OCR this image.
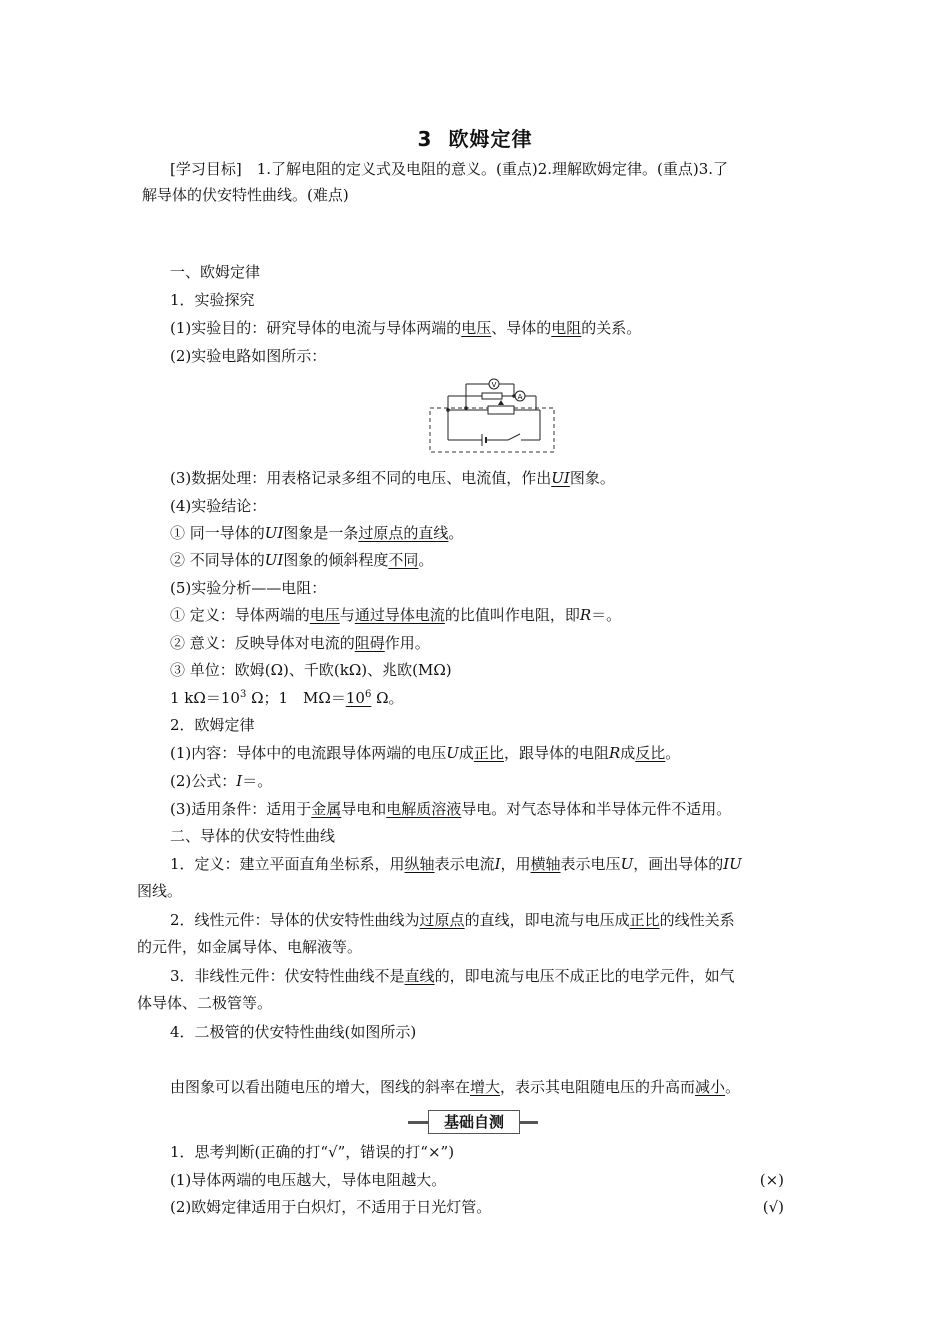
3 欧姆定律
[学习目标]　1.了解电阻的定义式及电阻的意义。(重点)2.理解欧姆定律。(重点)3.了
解导体的伏安特性曲线。(难点)
一、欧姆定律
1．实验探究
(1)实验目的：研究导体的电流与导体两端的电压、导体的电阻的关系。
(2)实验电路如图所示：
V
A
(3)数据处理：用表格记录多组不同的电压、电流值，作出UI图象。
(4)实验结论：
① 同一导体的UI图象是一条过原点的直线。
② 不同导体的UI图象的倾斜程度不同。
(5)实验分析——电阻：
① 定义：导体两端的电压与通过导体电流的比值叫作电阻，即R＝。
② 意义：反映导体对电流的阻碍作用。
③ 单位：欧姆(Ω)、千欧(kΩ)、兆欧(MΩ)
1 $k\Omega=10^3$ Ω；1　$M\Omega=10^6$ Ω。
2．欧姆定律
(1)内容：导体中的电流跟导体两端的电压U成正比，跟导体的电阻R成反比。
(2)公式：I＝。
(3)适用条件：适用于金属导电和电解质溶液导电。对气态导体和半导体元件不适用。
二、导体的伏安特性曲线
1．定义：建立平面直角坐标系，用纵轴表示电流I，用横轴表示电压U，画出导体的IU
图线。
2．线性元件：导体的伏安特性曲线为过原点的直线，即电流与电压成正比的线性关系
的元件，如金属导体、电解液等。
3．非线性元件：伏安特性曲线不是直线的，即电流与电压不成正比的电学元件，如气
体导体、二极管等。
4．二极管的伏安特性曲线(如图所示)
由图象可以看出随电压的增大，图线的斜率在增大，表示其电阻随电压的升高而减小。
基础自测
1．思考判断(正确的打“√”，错误的打“×”)
(1)导体两端的电压越大，导体电阻越大。	(×)
(2)欧姆定律适用于白炽灯，不适用于日光灯管。	(√)
